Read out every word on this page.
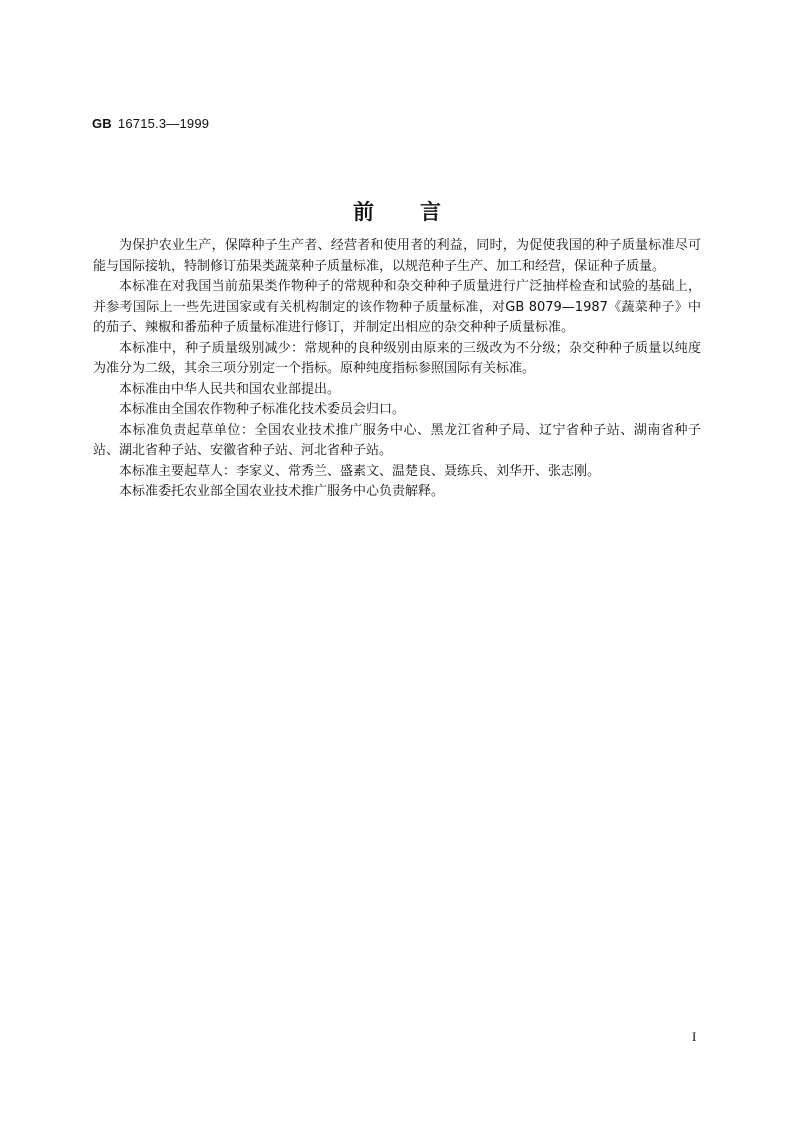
GB 16715.3—1999
前言

为保护农业生产，保障种子生产者、经营者和使用者的利益，同时，为促使我国的种子质量标准尽可能与国际接轨，特制修订茄果类蔬菜种子质量标准，以规范种子生产、加工和经营，保证种子质量。

本标准在对我国当前茄果类作物种子的常规种和杂交种种子质量进行广泛抽样检查和试验的基础上，并参考国际上一些先进国家或有关机构制定的该作物种子质量标准，对GB 8079—1987《蔬菜种子》中的茄子、辣椒和番茄种子质量标准进行修订，并制定出相应的杂交种种子质量标准。

本标准中，种子质量级别减少：常规种的良种级别由原来的三级改为不分级；杂交种种子质量以纯度为准分为二级，其余三项分别定一个指标。原种纯度指标参照国际有关标准。

本标准由中华人民共和国农业部提出。

本标准由全国农作物种子标准化技术委员会归口。

本标准负责起草单位：全国农业技术推广服务中心、黑龙江省种子局、辽宁省种子站、湖南省种子站、湖北省种子站、安徽省种子站、河北省种子站。

本标准主要起草人：李家义、常秀兰、盛素文、温楚良、聂练兵、刘华开、张志刚。

本标准委托农业部全国农业技术推广服务中心负责解释。

I
